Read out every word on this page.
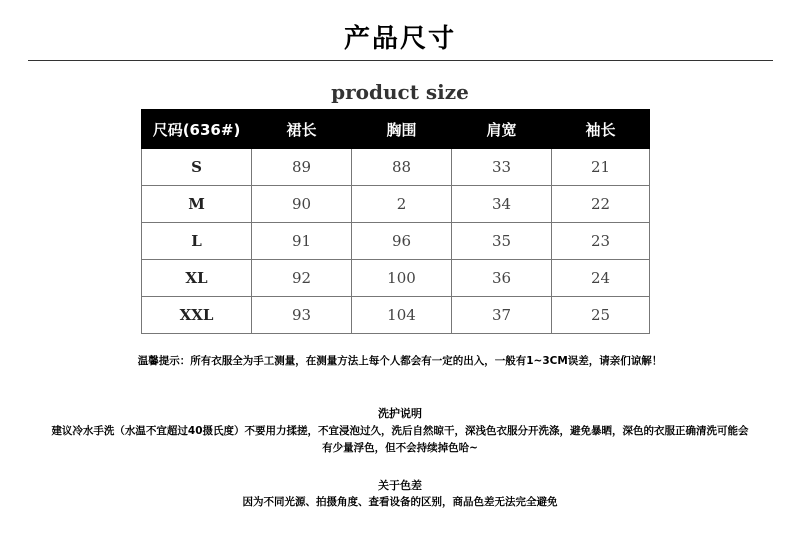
产品尺寸
product size
尺码(636#)	裙长	胸围	肩宽	袖长
S	89	88	33	21
M	90	2	34	22
L	91	96	35	23
XL	92	100	36	24
XXL	93	104	37	25
温馨提示：所有衣服全为手工测量，在测量方法上每个人都会有一定的出入，一般有1~3CM误差，请亲们谅解！
洗护说明
建议冷水手洗（水温不宜超过40摄氏度）不要用力揉搓，不宜浸泡过久，洗后自然晾干，深浅色衣服分开洗涤，避免暴晒，深色的衣服正确清洗可能会
有少量浮色，但不会持续掉色哈~
关于色差
因为不同光源、拍摄角度、查看设备的区别，商品色差无法完全避免
